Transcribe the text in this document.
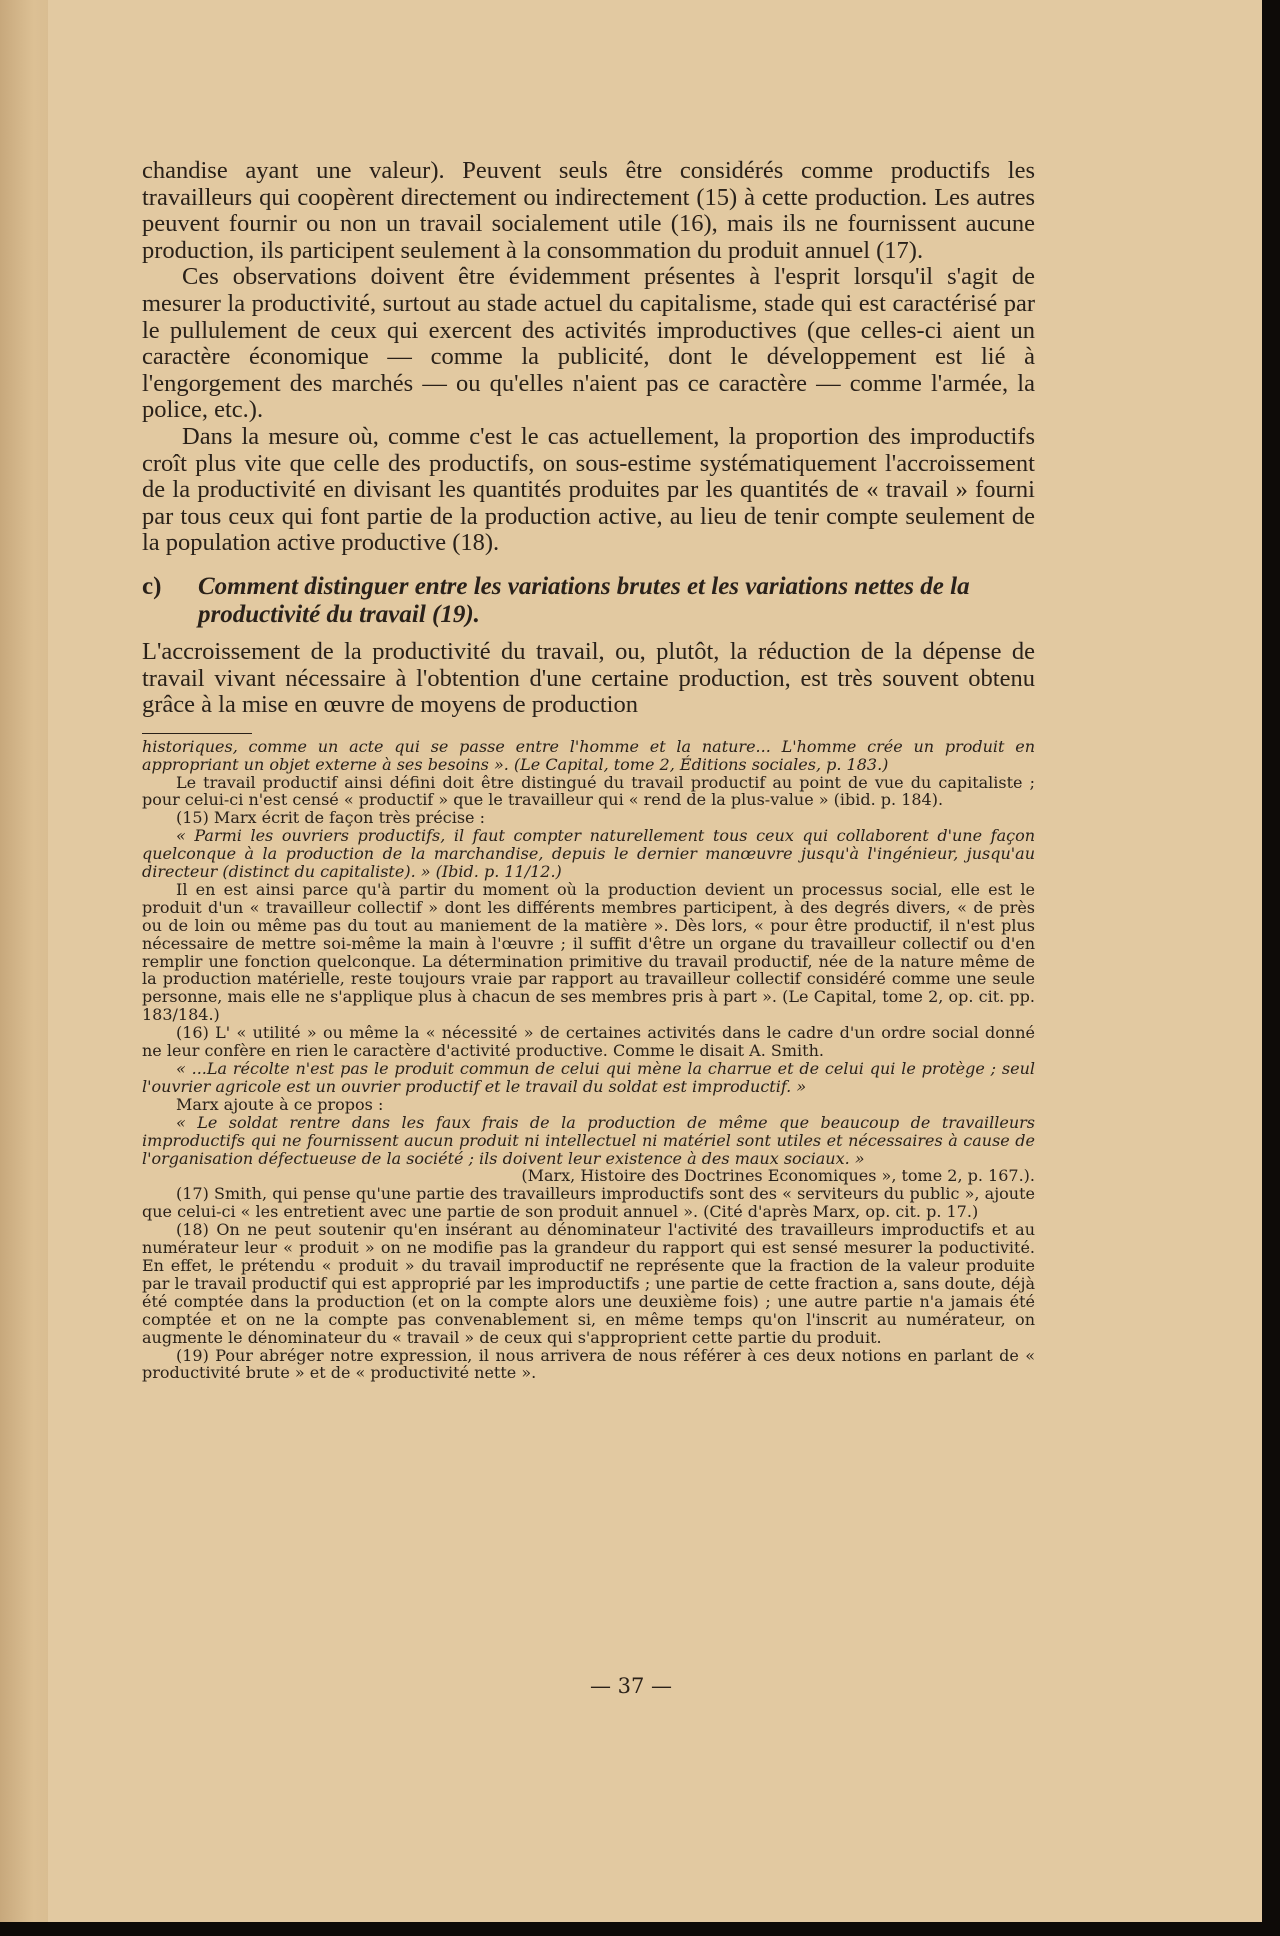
chandise ayant une valeur). Peuvent seuls être considérés comme productifs les travailleurs qui coopèrent directement ou indirectement (15) à cette production. Les autres peuvent fournir ou non un travail socialement utile (16), mais ils ne fournissent aucune production, ils participent seulement à la consommation du produit annuel (17).

Ces observations doivent être évidemment présentes à l'esprit lorsqu'il s'agit de mesurer la productivité, surtout au stade actuel du capitalisme, stade qui est caractérisé par le pullulement de ceux qui exercent des activités improductives (que celles-ci aient un caractère économique — comme la publicité, dont le développement est lié à l'engorgement des marchés — ou qu'elles n'aient pas ce caractère — comme l'armée, la police, etc.).

Dans la mesure où, comme c'est le cas actuellement, la proportion des improductifs croît plus vite que celle des productifs, on sous-estime systématiquement l'accroissement de la productivité en divisant les quantités produites par les quantités de « travail » fourni par tous ceux qui font partie de la production active, au lieu de tenir compte seulement de la population active productive (18).

c) Comment distinguer entre les variations brutes et les variations nettes de la productivité du travail (19).

L'accroissement de la productivité du travail, ou, plutôt, la réduction de la dépense de travail vivant nécessaire à l'obtention d'une certaine production, est très souvent obtenu grâce à la mise en œuvre de moyens de production

historiques, comme un acte qui se passe entre l'homme et la nature... L'homme crée un produit en appropriant un objet externe à ses besoins ». (Le Capital, tome 2, Éditions sociales, p. 183.)

Le travail productif ainsi défini doit être distingué du travail productif au point de vue du capitaliste ; pour celui-ci n'est censé « productif » que le travailleur qui « rend de la plus-value » (ibid. p. 184).

(15) Marx écrit de façon très précise :

« Parmi les ouvriers productifs, il faut compter naturellement tous ceux qui collaborent d'une façon quelconque à la production de la marchandise, depuis le dernier manœuvre jusqu'à l'ingénieur, jusqu'au directeur (distinct du capitaliste). » (Ibid. p. 11/12.)

Il en est ainsi parce qu'à partir du moment où la production devient un processus social, elle est le produit d'un « travailleur collectif » dont les différents membres participent, à des degrés divers, « de près ou de loin ou même pas du tout au maniement de la matière ». Dès lors, « pour être productif, il n'est plus nécessaire de mettre soi-même la main à l'œuvre ; il suffit d'être un organe du travailleur collectif ou d'en remplir une fonction quelconque. La détermination primitive du travail productif, née de la nature même de la production matérielle, reste toujours vraie par rapport au travailleur collectif considéré comme une seule personne, mais elle ne s'applique plus à chacun de ses membres pris à part ». (Le Capital, tome 2, op. cit. pp. 183/184.)

(16) L' « utilité » ou même la « nécessité » de certaines activités dans le cadre d'un ordre social donné ne leur confère en rien le caractère d'activité productive. Comme le disait A. Smith.

« ...La récolte n'est pas le produit commun de celui qui mène la charrue et de celui qui le protège ; seul l'ouvrier agricole est un ouvrier productif et le travail du soldat est improductif. »

Marx ajoute à ce propos :

« Le soldat rentre dans les faux frais de la production de même que beaucoup de travailleurs improductifs qui ne fournissent aucun produit ni intellectuel ni matériel sont utiles et nécessaires à cause de l'organisation défectueuse de la société ; ils doivent leur existence à des maux sociaux. »

(Marx, Histoire des Doctrines Economiques », tome 2, p. 167.).

(17) Smith, qui pense qu'une partie des travailleurs improductifs sont des « serviteurs du public », ajoute que celui-ci « les entretient avec une partie de son produit annuel ». (Cité d'après Marx, op. cit. p. 17.)

(18) On ne peut soutenir qu'en insérant au dénominateur l'activité des travailleurs improductifs et au numérateur leur « produit » on ne modifie pas la grandeur du rapport qui est sensé mesurer la poductivité. En effet, le prétendu « produit » du travail improductif ne représente que la fraction de la valeur produite par le travail productif qui est approprié par les improductifs ; une partie de cette fraction a, sans doute, déjà été comptée dans la production (et on la compte alors une deuxième fois) ; une autre partie n'a jamais été comptée et on ne la compte pas convenablement si, en même temps qu'on l'inscrit au numérateur, on augmente le dénominateur du « travail » de ceux qui s'approprient cette partie du produit.

(19) Pour abréger notre expression, il nous arrivera de nous référer à ces deux notions en parlant de « productivité brute » et de « productivité nette ».

— 37 —
